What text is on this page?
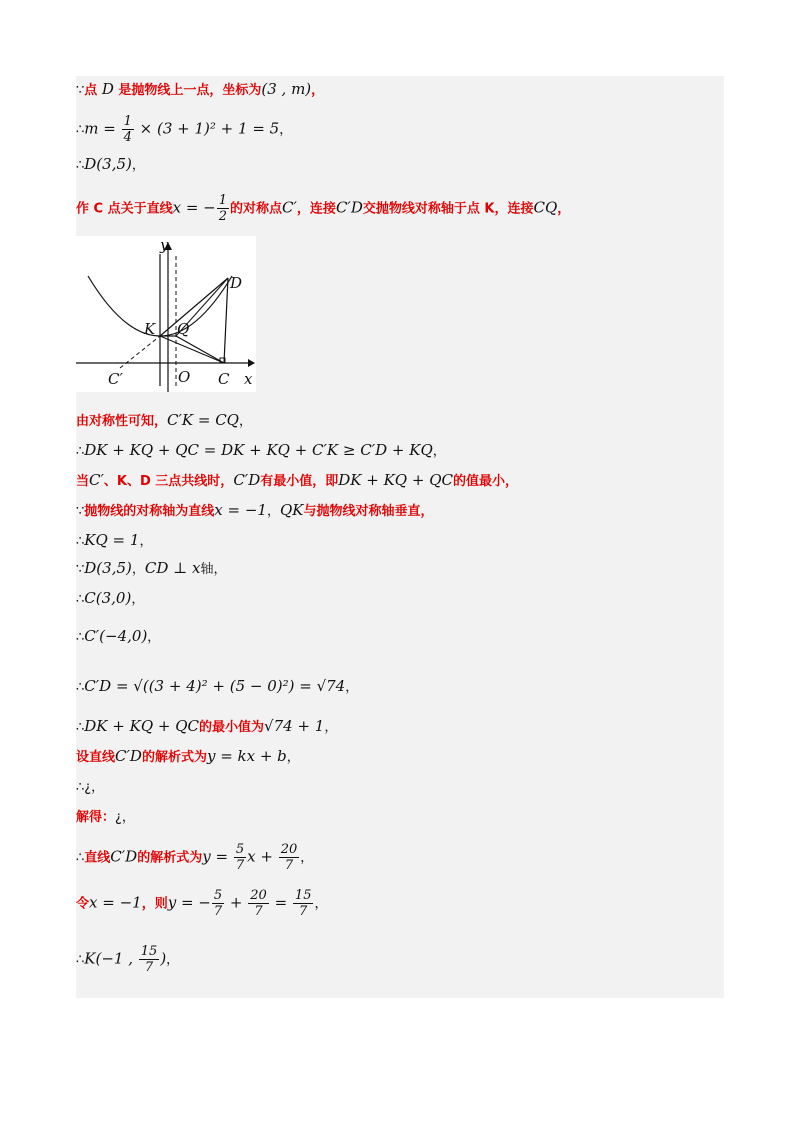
∵点 D 是抛物线上一点，坐标为(3 , m)，
∴m = $\frac{1}{4} \times (3 + 1)^2 + 1 = 5$，
∴D(3,5)，
作 C 点关于直线x = − $\frac{1}{2}$ 的对称点C′，连接C′D交抛物线对称轴于点 K，连接CQ，
由对称性可知，C′K = CQ，
∴DK + KQ + QC = DK + KQ + C′K ≥ C′D + KQ，
当C′、K、D 三点共线时，C′D有最小值，即DK + KQ + QC的值最小，
∵抛物线的对称轴为直线x = −1，QK与抛物线对称轴垂直，
∴KQ = 1，
∵D(3,5)，CD ⊥ x轴，
∴C(3,0)，
∴C′(−4,0)，
∴C′D = √((3 + 4)² + (5 − 0)²) = √74，
∴DK + KQ + QC的最小值为√74 + 1，
设直线C′D的解析式为y = kx + b，
∴¿，
解得：¿，
∴直线C′D的解析式为$y = \frac{5}{7}$ $x + \frac{20}{7}$ ，
令x = −1，则y = − $\frac{5}{7} + \frac{20}{7} = \frac{15}{7}$ ，
∴K(−1 , $\frac{15}{7}$ )，
y
x
D
K Q
O C
C′
